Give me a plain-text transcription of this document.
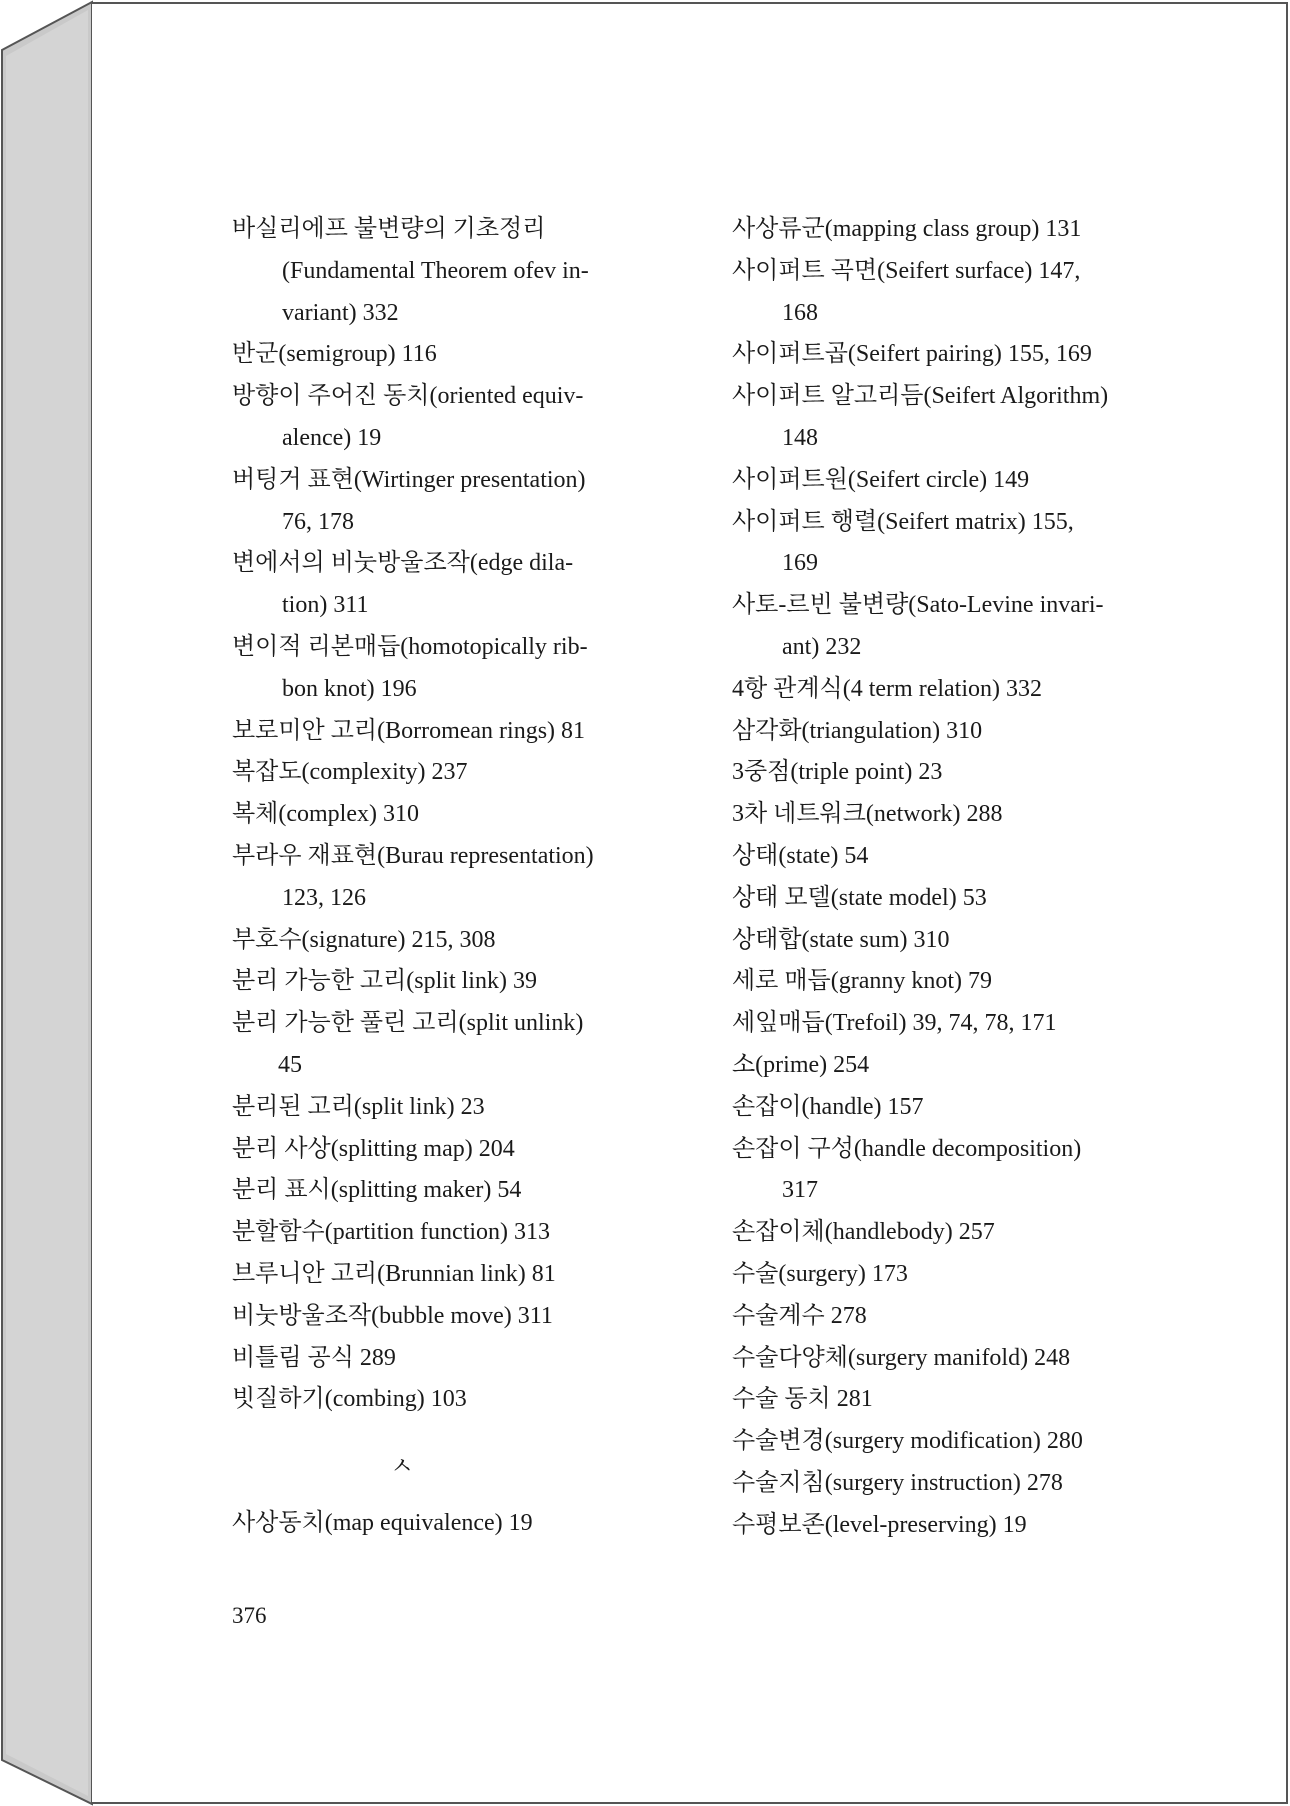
바실리에프 불변량의 기초정리
(Fundamental Theorem ofev in-
variant) 332
반군(semigroup) 116
방향이 주어진 동치(oriented equiv-
alence) 19
버팅거 표현(Wirtinger presentation)
76, 178
변에서의 비눗방울조작(edge dila-
tion) 311
변이적 리본매듭(homotopically rib-
bon knot) 196
보로미안 고리(Borromean rings) 81
복잡도(complexity) 237
복체(complex) 310
부라우 재표현(Burau representation)
123, 126
부호수(signature) 215, 308
분리 가능한 고리(split link) 39
분리 가능한 풀린 고리(split unlink)
45
분리된 고리(split link) 23
분리 사상(splitting map) 204
분리 표시(splitting maker) 54
분할함수(partition function) 313
브루니안 고리(Brunnian link) 81
비눗방울조작(bubble move) 311
비틀림 공식 289
빗질하기(combing) 103
ㅅ
사상동치(map equivalence) 19
사상류군(mapping class group) 131
사이퍼트 곡면(Seifert surface) 147,
168
사이퍼트곱(Seifert pairing) 155, 169
사이퍼트 알고리듬(Seifert Algorithm)
148
사이퍼트원(Seifert circle) 149
사이퍼트 행렬(Seifert matrix) 155,
169
사토-르빈 불변량(Sato-Levine invari-
ant) 232
4항 관계식(4 term relation) 332
삼각화(triangulation) 310
3중점(triple point) 23
3차 네트워크(network) 288
상태(state) 54
상태 모델(state model) 53
상태합(state sum) 310
세로 매듭(granny knot) 79
세잎매듭(Trefoil) 39, 74, 78, 171
소(prime) 254
손잡이(handle) 157
손잡이 구성(handle decomposition)
317
손잡이체(handlebody) 257
수술(surgery) 173
수술계수 278
수술다양체(surgery manifold) 248
수술 동치 281
수술변경(surgery modification) 280
수술지침(surgery instruction) 278
수평보존(level-preserving) 19
376
